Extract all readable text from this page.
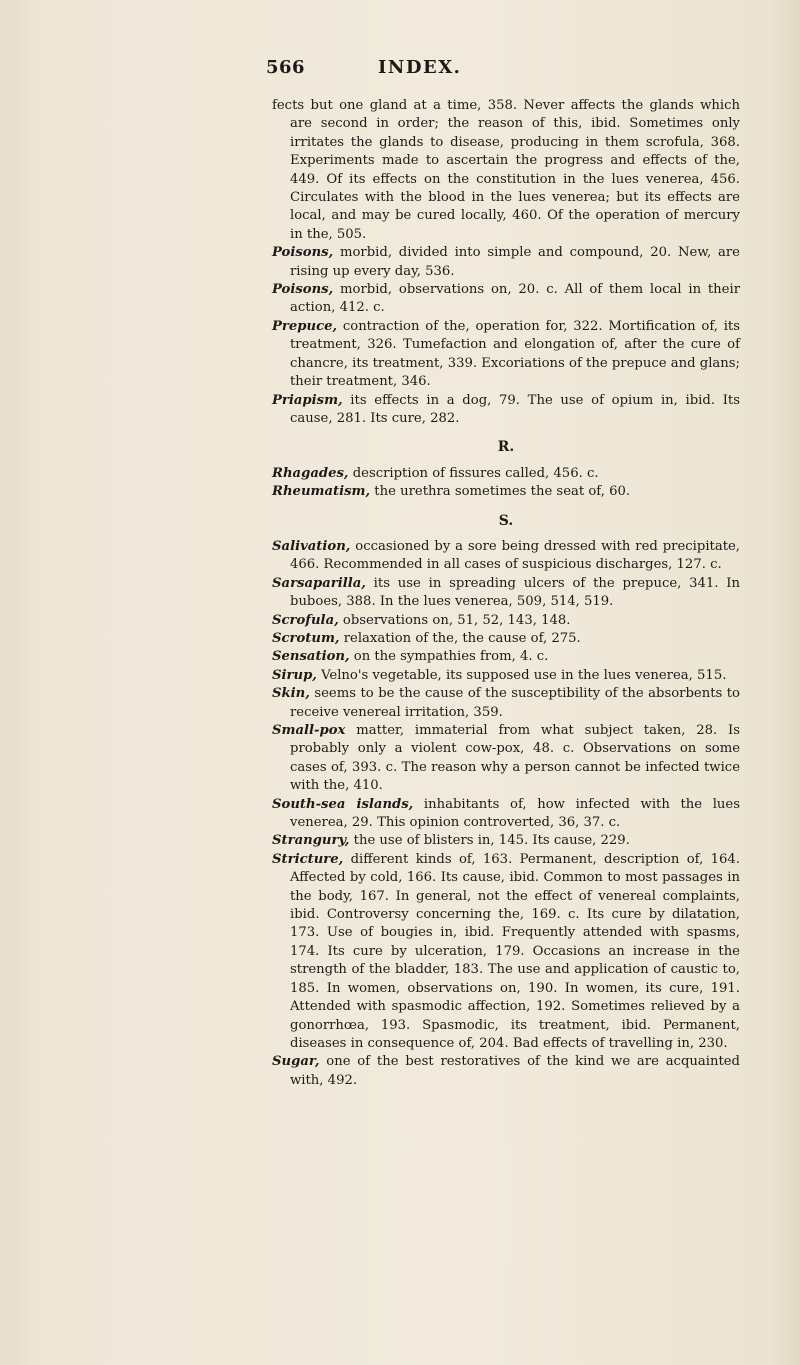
566	INDEX.

fects but one gland at a time, 358. Never affects the glands which are second in order; the reason of this, ibid. Sometimes only irritates the glands to disease, producing in them scrofula, 368. Experiments made to ascertain the progress and effects of the, 449. Of its effects on the constitution in the lues venerea, 456. Circulates with the blood in the lues venerea; but its effects are local, and may be cured locally, 460. Of the operation of mercury in the, 505.

Poisons, morbid, divided into simple and compound, 20. New, are rising up every day, 536.

Poisons, morbid, observations on, 20. c. All of them local in their action, 412. c.

Prepuce, contraction of the, operation for, 322. Mortification of, its treatment, 326. Tumefaction and elongation of, after the cure of chancre, its treatment, 339. Excoriations of the prepuce and glans; their treatment, 346.

Priapism, its effects in a dog, 79. The use of opium in, ibid. Its cause, 281. Its cure, 282.

R.

Rhagades, description of fissures called, 456. c.

Rheumatism, the urethra sometimes the seat of, 60.

S.

Salivation, occasioned by a sore being dressed with red precipitate, 466. Recommended in all cases of suspicious discharges, 127. c.

Sarsaparilla, its use in spreading ulcers of the prepuce, 341. In buboes, 388. In the lues venerea, 509, 514, 519.

Scrofula, observations on, 51, 52, 143, 148.

Scrotum, relaxation of the, the cause of, 275.

Sensation, on the sympathies from, 4. c.

Sirup, Velno's vegetable, its supposed use in the lues venerea, 515.

Skin, seems to be the cause of the susceptibility of the absorbents to receive venereal irritation, 359.

Small-pox matter, immaterial from what subject taken, 28. Is probably only a violent cow-pox, 48. c. Observations on some cases of, 393. c. The reason why a person cannot be infected twice with the, 410.

South-sea islands, inhabitants of, how infected with the lues venerea, 29. This opinion controverted, 36, 37. c.

Strangury, the use of blisters in, 145. Its cause, 229.

Stricture, different kinds of, 163. Permanent, description of, 164. Affected by cold, 166. Its cause, ibid. Common to most passages in the body, 167. In general, not the effect of venereal complaints, ibid. Controversy concerning the, 169. c. Its cure by dilatation, 173. Use of bougies in, ibid. Frequently attended with spasms, 174. Its cure by ulceration, 179. Occasions an increase in the strength of the bladder, 183. The use and application of caustic to, 185. In women, observations on, 190. In women, its cure, 191. Attended with spasmodic affection, 192. Sometimes relieved by a gonorrhœa, 193. Spasmodic, its treatment, ibid. Permanent, diseases in consequence of, 204. Bad effects of travelling in, 230.

Sugar, one of the best restoratives of the kind we are acquainted with, 492.
